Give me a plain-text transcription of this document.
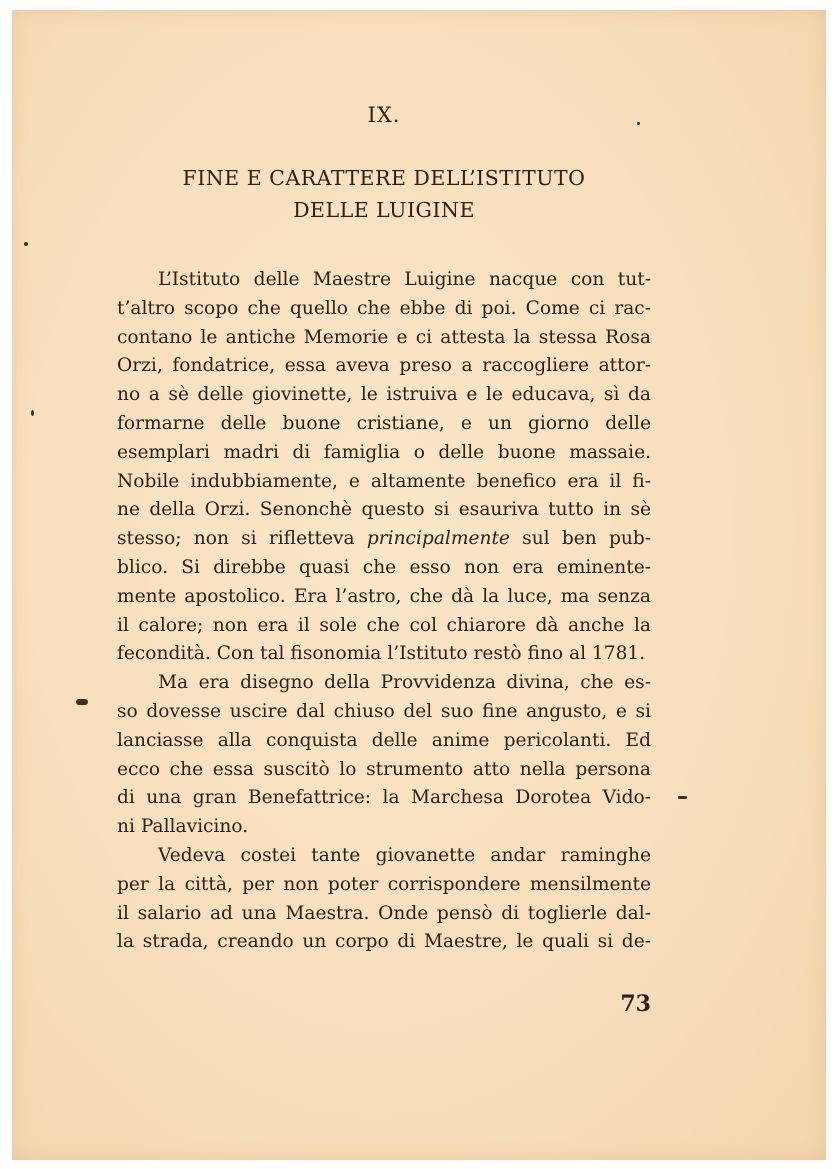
IX.
FINE E CARATTERE DELL’ISTITUTO
DELLE LUIGINE
L’Istituto delle Maestre Luigine nacque con tut-
t’altro scopo che quello che ebbe di poi. Come ci rac-
contano le antiche Memorie e ci attesta la stessa Rosa
Orzi, fondatrice, essa aveva preso a raccogliere attor-
no a sè delle giovinette, le istruiva e le educava, sì da
formarne delle buone cristiane, e un giorno delle
esemplari madri di famiglia o delle buone massaie.
Nobile indubbiamente, e altamente benefico era il fi-
ne della Orzi. Senonchè questo si esauriva tutto in sè
stesso; non si rifletteva principalmente sul ben pub-
blico. Si direbbe quasi che esso non era eminente-
mente apostolico. Era l’astro, che dà la luce, ma senza
il calore; non era il sole che col chiarore dà anche la
fecondità. Con tal fisonomia l’Istituto restò fino al 1781.
Ma era disegno della Provvidenza divina, che es-
so dovesse uscire dal chiuso del suo fine angusto, e si
lanciasse alla conquista delle anime pericolanti. Ed
ecco che essa suscitò lo strumento atto nella persona
di una gran Benefattrice: la Marchesa Dorotea Vido-
ni Pallavicino.
Vedeva costei tante giovanette andar raminghe
per la città, per non poter corrispondere mensilmente
il salario ad una Maestra. Onde pensò di toglierle dal-
la strada, creando un corpo di Maestre, le quali si de-
73
